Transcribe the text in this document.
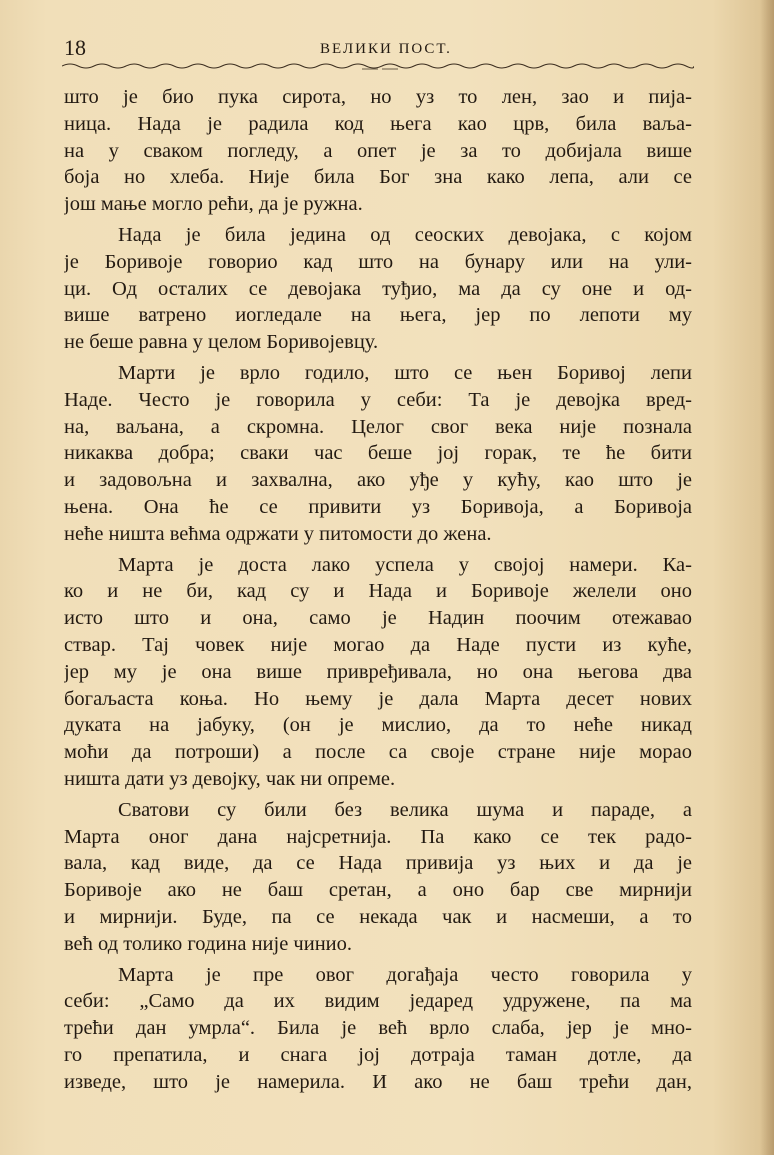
18	ВЕЛИКИ ПОСТ.
што је био пука сирота, но уз то лен, зао и пија-
ница. Нада је радила код њега као црв, била ваља-
на у сваком погледу, а опет је за то добијала више
боја но хлеба. Није била Бог зна како лепа, али се
још мање могло рећи, да је ружна.
Нада је била једина од сеоских девојака, с којом
је Боривоје говорио кад што на бунару или на ули-
ци. Од осталих се девојака туђио, ма да су оне и од-
више ватрено иогледале на њега, јер по лепоти му
не беше равна у целом Боривојевцу.
Марти је врло годило, што се њен Боривој лепи
Наде. Често је говорила у себи: Та је девојка вред-
на, ваљана, а скромна. Целог свог века није познала
никаква добра; сваки час беше јој горак, те ће бити
и задовољна и захвална, ако уђе у кућу, као што је
њена. Она ће се привити уз Боривоја, а Боривоја
неће ништа већма одржати у питомости до жена.
Марта је доста лако успела у својој намери. Ка-
ко и не би, кад су и Нада и Боривоје желели оно
исто што и она, само је Надин поочим отежавао
ствар. Тај човек није могао да Наде пусти из куће,
јер му је она више привређивала, но она његова два
богаљаста коња. Но њему је дала Марта десет нових
дуката на јабуку, (он је мислио, да то неће никад
моћи да потроши) а после са своје стране није морао
ништа дати уз девојку, чак ни опреме.
Сватови су били без велика шума и параде, а
Марта оног дана најсретнија. Па како се тек радо-
вала, кад виде, да се Нада привија уз њих и да је
Боривоје ако не баш сретан, а оно бар све мирнији
и мирнији. Буде, па се некада чак и насмеши, а то
већ од толико година није чинио.
Марта је пре овог догађаја често говорила у
себи: „Само да их видим једаред удружене, па ма
трећи дан умрла“. Била је већ врло слаба, јер је мно-
го препатила, и снага јој дотраја таман дотле, да
изведе, што је намерила. И ако не баш трећи дан,
